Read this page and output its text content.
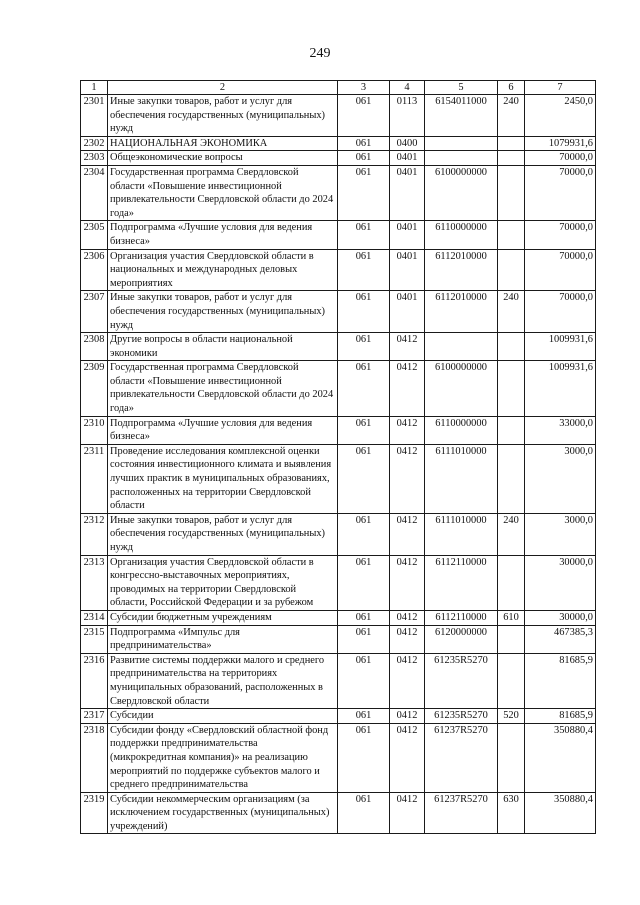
249
1	2	3	4	5	6	7
2301	Иные закупки товаров, работ и услуг для обеспечения государственных (муниципальных) нужд	061	0113	6154011000	240	2450,0
2302	НАЦИОНАЛЬНАЯ ЭКОНОМИКА	061	0400			1079931,6
2303	Общеэкономические вопросы	061	0401			70000,0
2304	Государственная программа Свердловской области «Повышение инвестиционной привлекательности Свердловской области до 2024 года»	061	0401	6100000000		70000,0
2305	Подпрограмма «Лучшие условия для ведения бизнеса»	061	0401	6110000000		70000,0
2306	Организация участия Свердловской области в национальных и международных деловых мероприятиях	061	0401	6112010000		70000,0
2307	Иные закупки товаров, работ и услуг для обеспечения государственных (муниципальных) нужд	061	0401	6112010000	240	70000,0
2308	Другие вопросы в области национальной экономики	061	0412			1009931,6
2309	Государственная программа Свердловской области «Повышение инвестиционной привлекательности Свердловской области до 2024 года»	061	0412	6100000000		1009931,6
2310	Подпрограмма «Лучшие условия для ведения бизнеса»	061	0412	6110000000		33000,0
2311	Проведение исследования комплексной оценки состояния инвестиционного климата и выявления лучших практик в муниципальных образованиях, расположенных на территории Свердловской области	061	0412	6111010000		3000,0
2312	Иные закупки товаров, работ и услуг для обеспечения государственных (муниципальных) нужд	061	0412	6111010000	240	3000,0
2313	Организация участия Свердловской области в конгрессно-выставочных мероприятиях, проводимых на территории Свердловской области, Российской Федерации и за рубежом	061	0412	6112110000		30000,0
2314	Субсидии бюджетным учреждениям	061	0412	6112110000	610	30000,0
2315	Подпрограмма «Импульс для предпринимательства»	061	0412	6120000000		467385,3
2316	Развитие системы поддержки малого и среднего предпринимательства на территориях муниципальных образований, расположенных в Свердловской области	061	0412	61235R5270		81685,9
2317	Субсидии	061	0412	61235R5270	520	81685,9
2318	Субсидии фонду «Свердловский областной фонд поддержки предпринимательства (микрокредитная компания)» на реализацию мероприятий по поддержке субъектов малого и среднего предпринимательства	061	0412	61237R5270		350880,4
2319	Субсидии некоммерческим организациям (за исключением государственных (муниципальных) учреждений)	061	0412	61237R5270	630	350880,4
